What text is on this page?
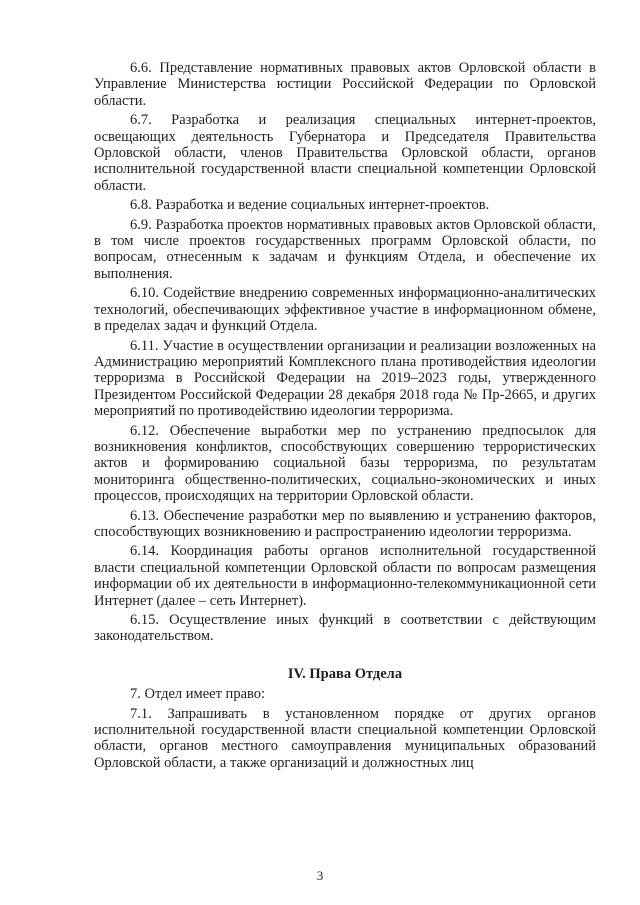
6.6. Представление нормативных правовых актов Орловской области в Управление Министерства юстиции Российской Федерации по Орловской области.

6.7. Разработка и реализация специальных интернет-проектов, освещающих деятельность Губернатора и Председателя Правительства Орловской области, членов Правительства Орловской области, органов исполнительной государственной власти специальной компетенции Орловской области.

6.8. Разработка и ведение социальных интернет-проектов.

6.9. Разработка проектов нормативных правовых актов Орловской области, в том числе проектов государственных программ Орловской области, по вопросам, отнесенным к задачам и функциям Отдела, и обеспечение их выполнения.

6.10. Содействие внедрению современных информационно-аналитических технологий, обеспечивающих эффективное участие в информационном обмене, в пределах задач и функций Отдела.

6.11. Участие в осуществлении организации и реализации возложенных на Администрацию мероприятий Комплексного плана противодействия идеологии терроризма в Российской Федерации на 2019–2023 годы, утвержденного Президентом Российской Федерации 28 декабря 2018 года № Пр-2665, и других мероприятий по противодействию идеологии терроризма.

6.12. Обеспечение выработки мер по устранению предпосылок для возникновения конфликтов, способствующих совершению террористических актов и формированию социальной базы терроризма, по результатам мониторинга общественно-политических, социально-экономических и иных процессов, происходящих на территории Орловской области.

6.13. Обеспечение разработки мер по выявлению и устранению факторов, способствующих возникновению и распространению идеологии терроризма.

6.14. Координация работы органов исполнительной государственной власти специальной компетенции Орловской области по вопросам размещения информации об их деятельности в информационно-телекоммуникационной сети Интернет (далее – сеть Интернет).

6.15. Осуществление иных функций в соответствии с действующим законодательством.

IV. Права Отдела

7. Отдел имеет право:

7.1. Запрашивать в установленном порядке от других органов исполнительной государственной власти специальной компетенции Орловской области, органов местного самоуправления муниципальных образований Орловской области, а также организаций и должностных лиц

3
